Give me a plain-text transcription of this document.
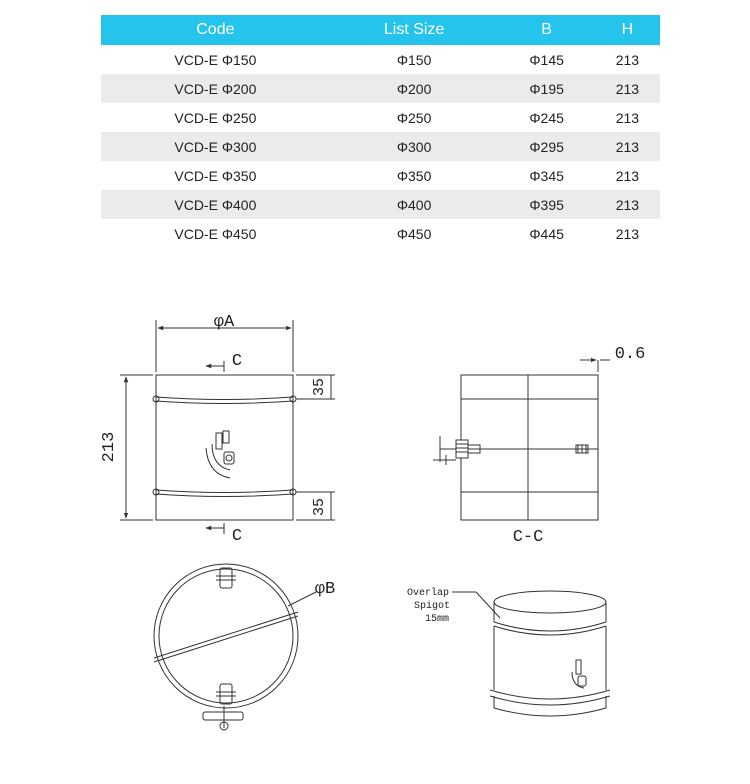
Code	List Size	B	H
VCD-E Φ150	Φ150	Φ145	213
VCD-E Φ200	Φ200	Φ195	213
VCD-E Φ250	Φ250	Φ245	213
VCD-E Φ300	Φ300	Φ295	213
VCD-E Φ350	Φ350	Φ345	213
VCD-E Φ400	Φ400	Φ395	213
VCD-E Φ450	Φ450	Φ445	213
φA
213
35
35
C
C
0.6
C-C
φB	Overlap
Spigot
15mm
